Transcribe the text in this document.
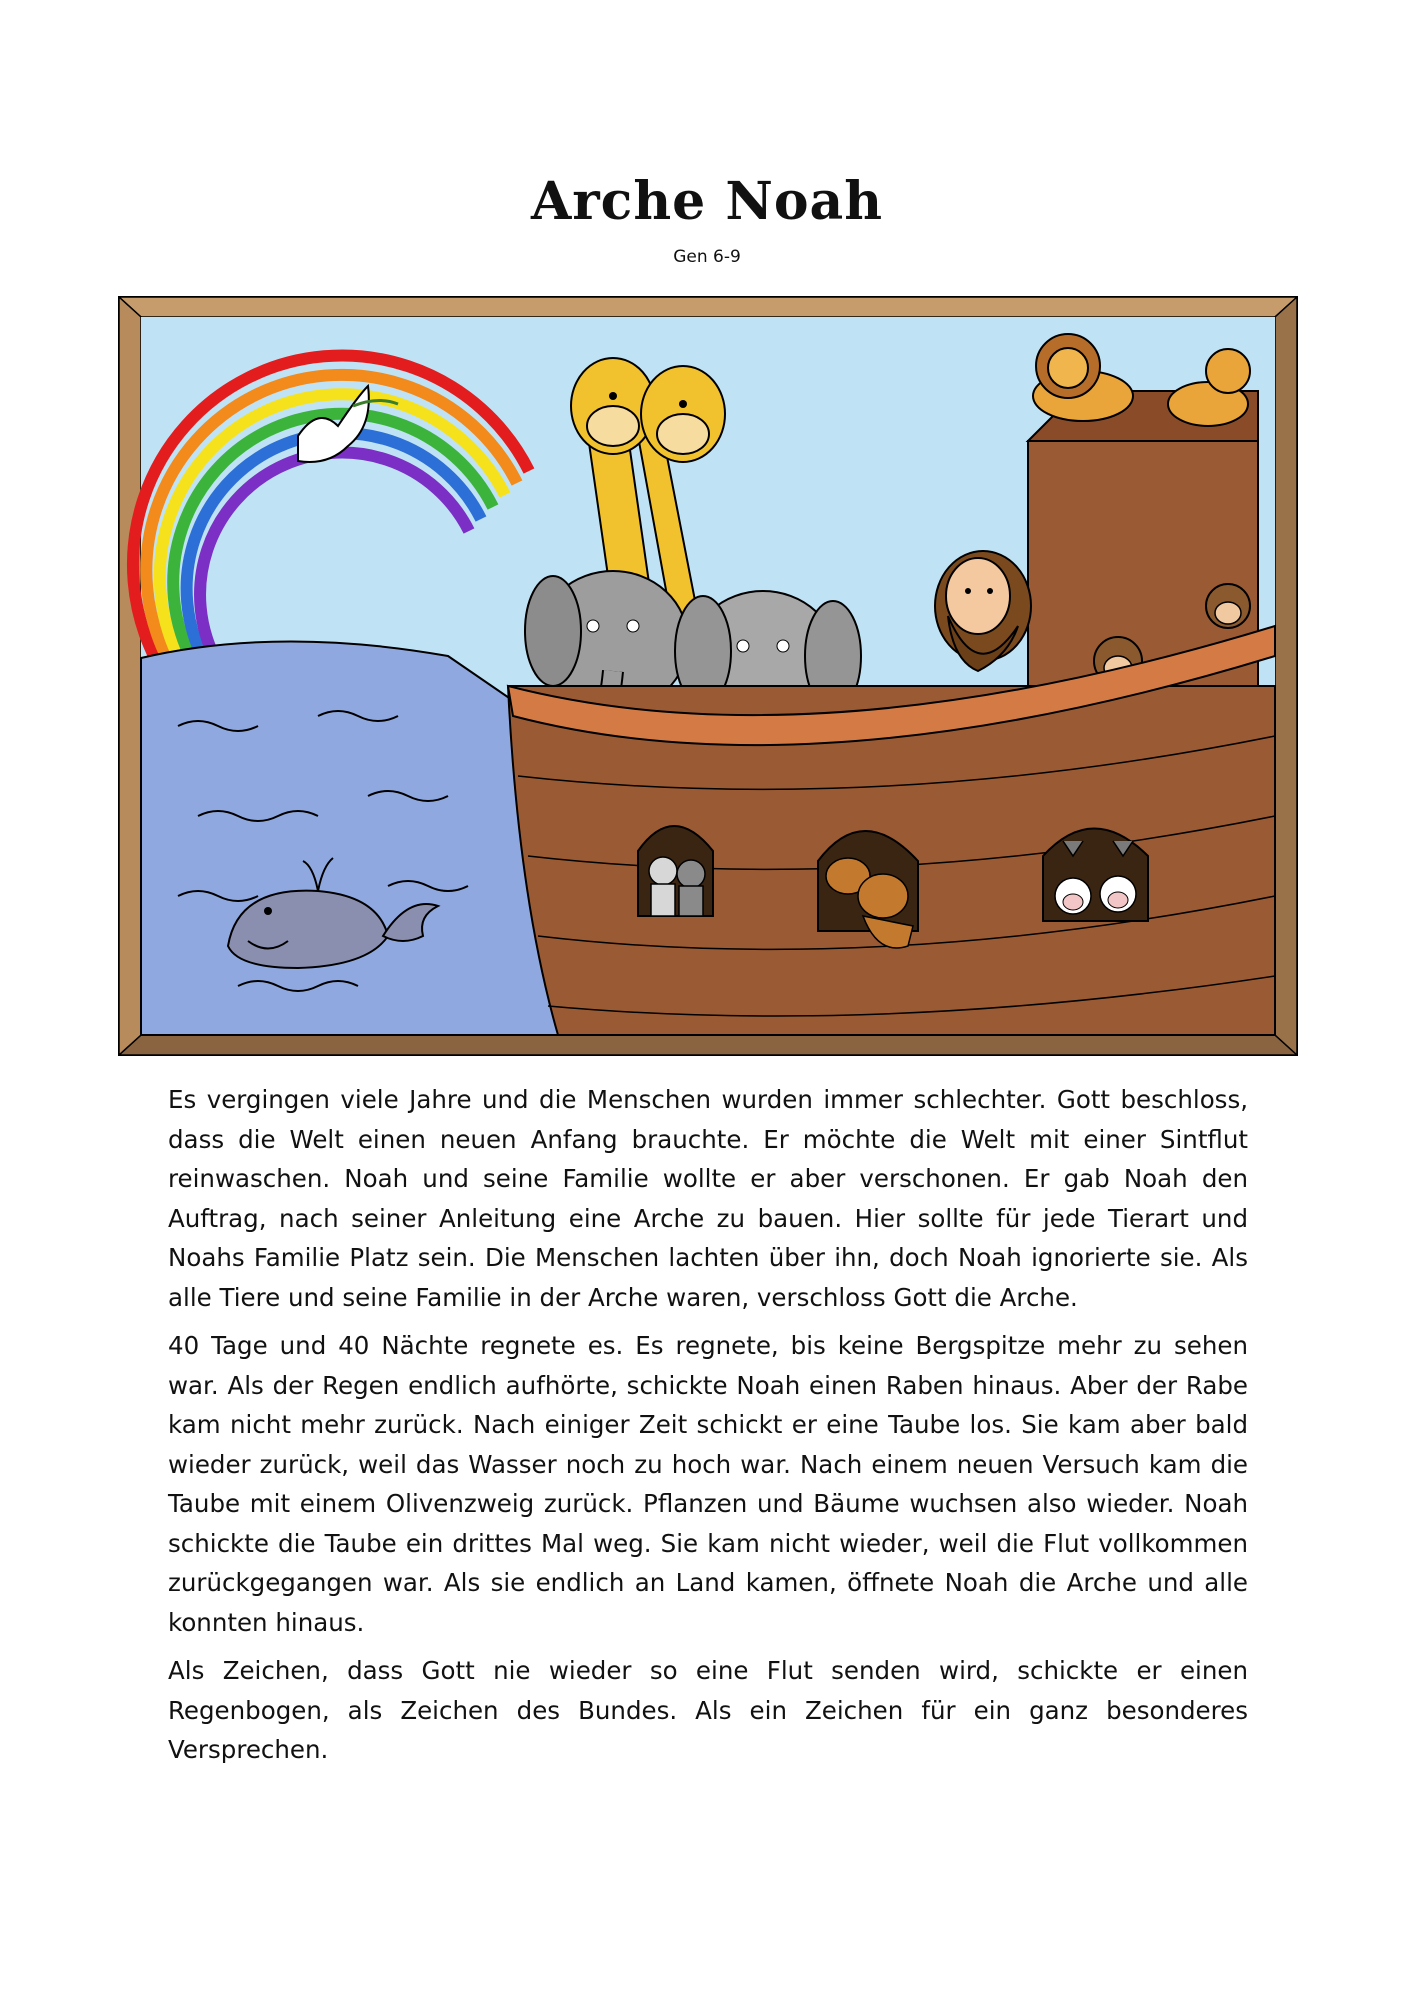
Arche Noah
Gen 6-9

Es vergingen viele Jahre und die Menschen wurden immer schlechter. Gott beschloss, dass die Welt einen neuen Anfang brauchte. Er möchte die Welt mit einer Sintflut reinwaschen. Noah und seine Familie wollte er aber verschonen. Er gab Noah den Auftrag, nach seiner Anleitung eine Arche zu bauen. Hier sollte für jede Tierart und Noahs Familie Platz sein. Die Menschen lachten über ihn, doch Noah ignorierte sie. Als alle Tiere und seine Familie in der Arche waren, verschloss Gott die Arche.

40 Tage und 40 Nächte regnete es. Es regnete, bis keine Bergspitze mehr zu sehen war. Als der Regen endlich aufhörte, schickte Noah einen Raben hinaus. Aber der Rabe kam nicht mehr zurück. Nach einiger Zeit schickt er eine Taube los. Sie kam aber bald wieder zurück, weil das Wasser noch zu hoch war. Nach einem neuen Versuch kam die Taube mit einem Olivenzweig zurück. Pflanzen und Bäume wuchsen also wieder. Noah schickte die Taube ein drittes Mal weg. Sie kam nicht wieder, weil die Flut vollkommen zurückgegangen war. Als sie endlich an Land kamen, öffnete Noah die Arche und alle konnten hinaus.

Als Zeichen, dass Gott nie wieder so eine Flut senden wird, schickte er einen Regenbogen, als Zeichen des Bundes. Als ein Zeichen für ein ganz besonderes Versprechen.
